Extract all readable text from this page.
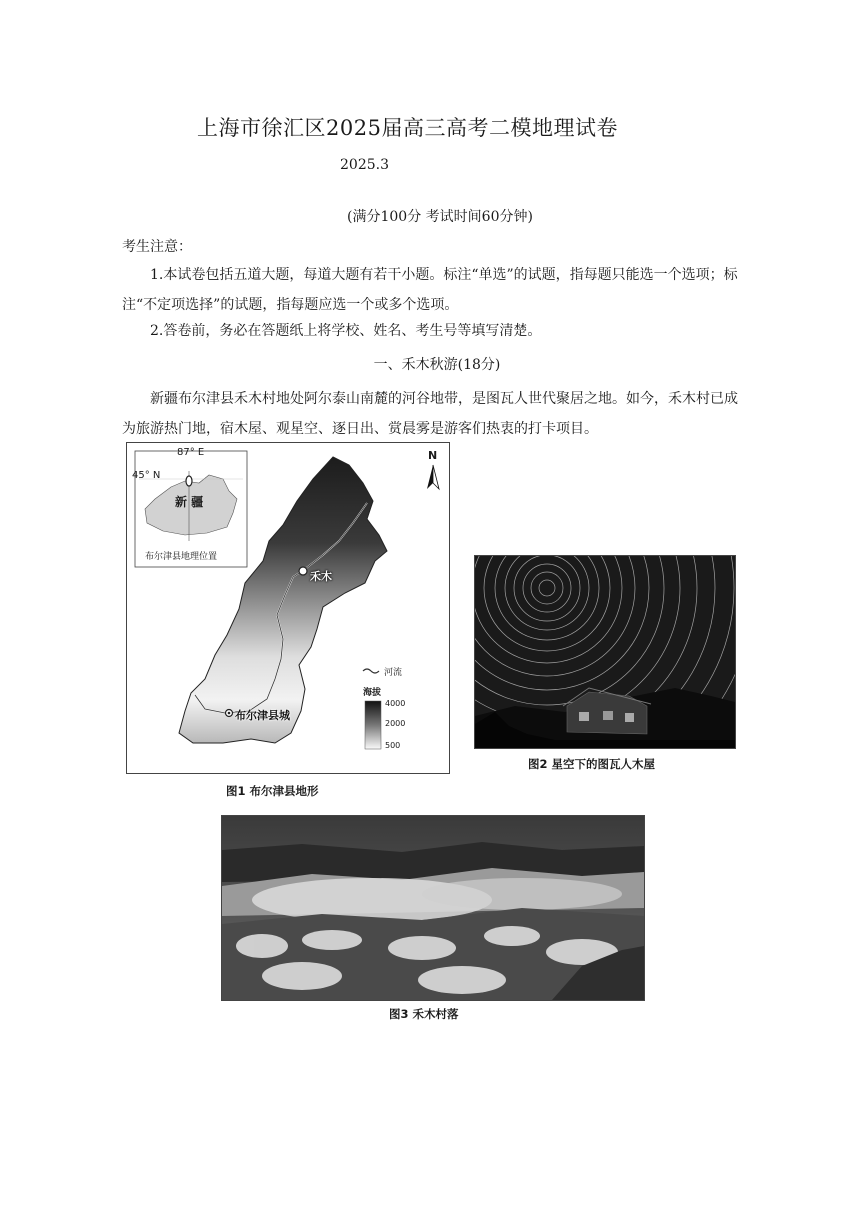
上海市徐汇区2025届高三高考二模地理试卷
2025.3
(满分100分 考试时间60分钟)
考生注意：
1.本试卷包括五道大题，每道大题有若干小题。标注“单选”的试题，指每题只能选一个选项；标注“不定项选择”的试题，指每题应选一个或多个选项。
2.答卷前，务必在答题纸上将学校、姓名、考生号等填写清楚。
一、禾木秋游(18分)
新疆布尔津县禾木村地处阿尔泰山南麓的河谷地带，是图瓦人世代聚居之地。如今，禾木村已成为旅游热门地，宿木屋、观星空、逐日出、赏晨雾是游客们热衷的打卡项目。
87° E
45° N
新 疆
布尔津县地理位置
N
禾木
布尔津县城
河流
海拔
4000
2000
500
图1 布尔津县地形
图2 星空下的图瓦人木屋
图3 禾木村落
